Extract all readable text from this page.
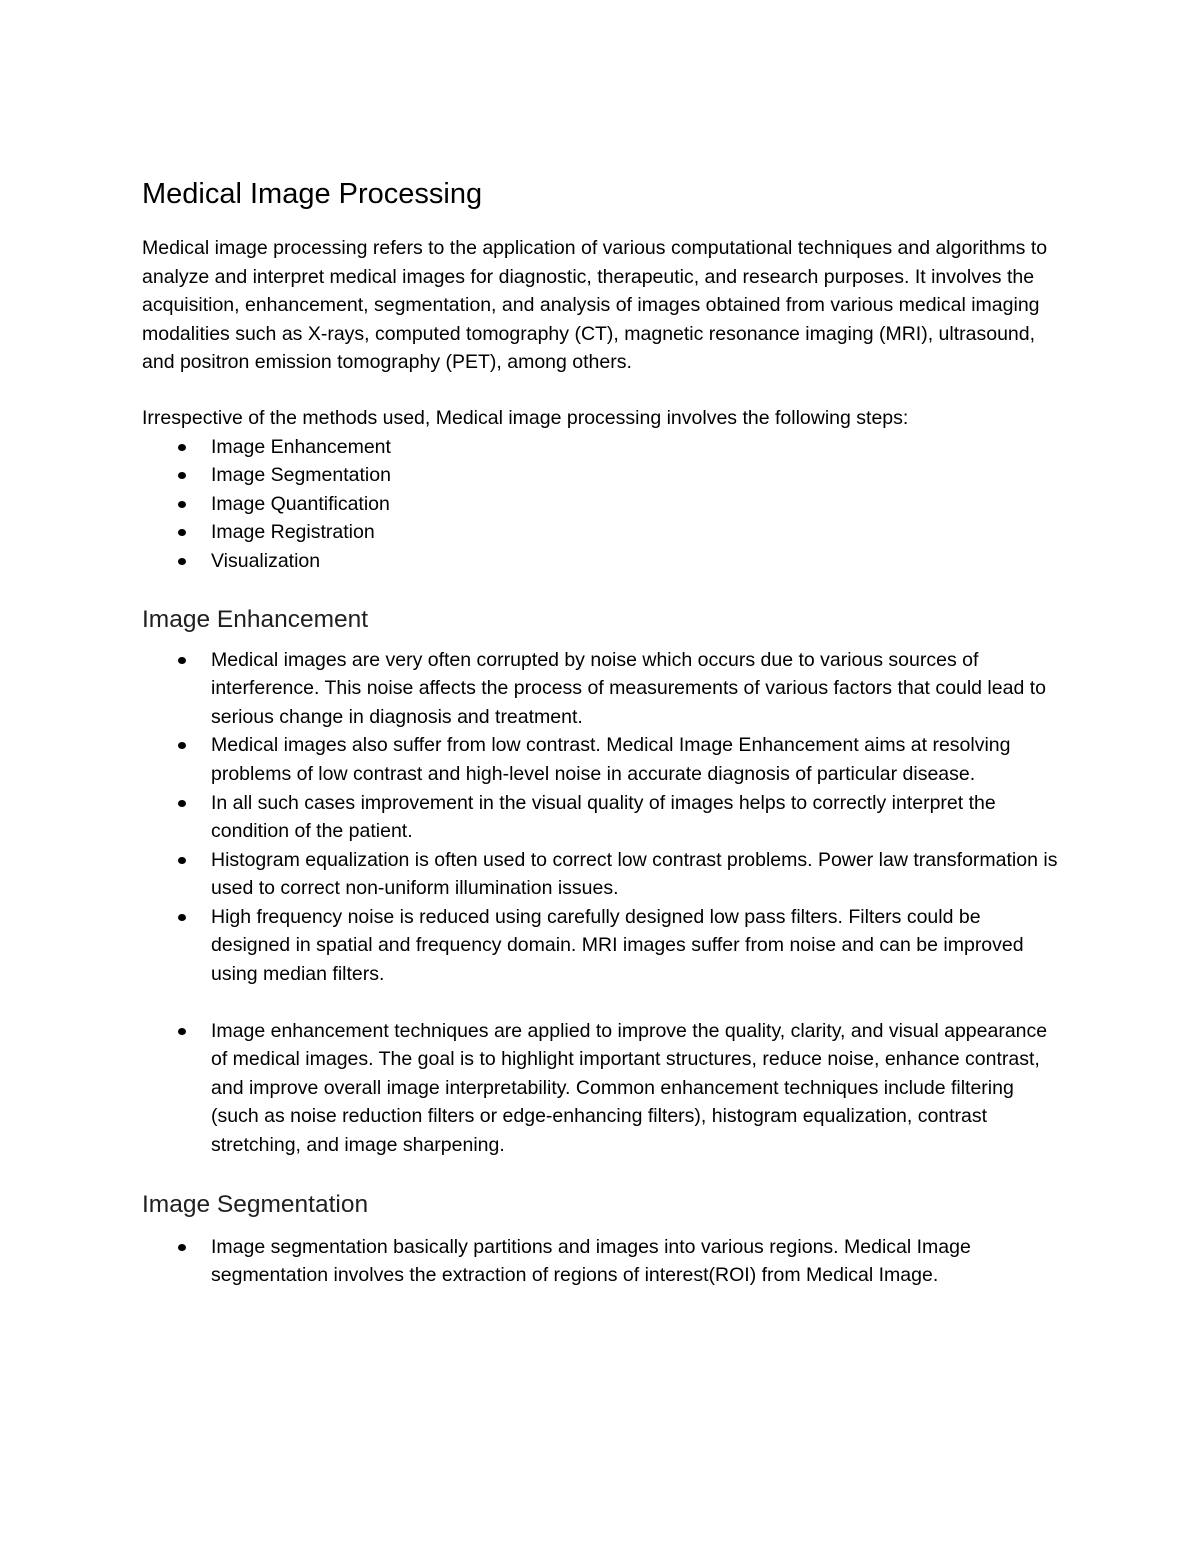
Medical Image Processing

Medical image processing refers to the application of various computational techniques and algorithms to analyze and interpret medical images for diagnostic, therapeutic, and research purposes. It involves the acquisition, enhancement, segmentation, and analysis of images obtained from various medical imaging modalities such as X-rays, computed tomography (CT), magnetic resonance imaging (MRI), ultrasound, and positron emission tomography (PET), among others.

Irrespective of the methods used, Medical image processing involves the following steps:

Image Enhancement
Image Segmentation
Image Quantification
Image Registration
Visualization
Image Enhancement
Medical images are very often corrupted by noise which occurs due to various sources of interference. This noise affects the process of measurements of various factors that could lead to serious change in diagnosis and treatment.
Medical images also suffer from low contrast. Medical Image Enhancement aims at resolving problems of low contrast and high-level noise in accurate diagnosis of particular disease.
In all such cases improvement in the visual quality of images helps to correctly interpret the condition of the patient.
Histogram equalization is often used to correct low contrast problems. Power law transformation is used to correct non-uniform illumination issues.
High frequency noise is reduced using carefully designed low pass filters. Filters could be designed in spatial and frequency domain. MRI images suffer from noise and can be improved using median filters.
Image enhancement techniques are applied to improve the quality, clarity, and visual appearance of medical images. The goal is to highlight important structures, reduce noise, enhance contrast, and improve overall image interpretability. Common enhancement techniques include filtering (such as noise reduction filters or edge-enhancing filters), histogram equalization, contrast stretching, and image sharpening.
Image Segmentation
Image segmentation basically partitions and images into various regions. Medical Image segmentation involves the extraction of regions of interest(ROI) from Medical Image.
